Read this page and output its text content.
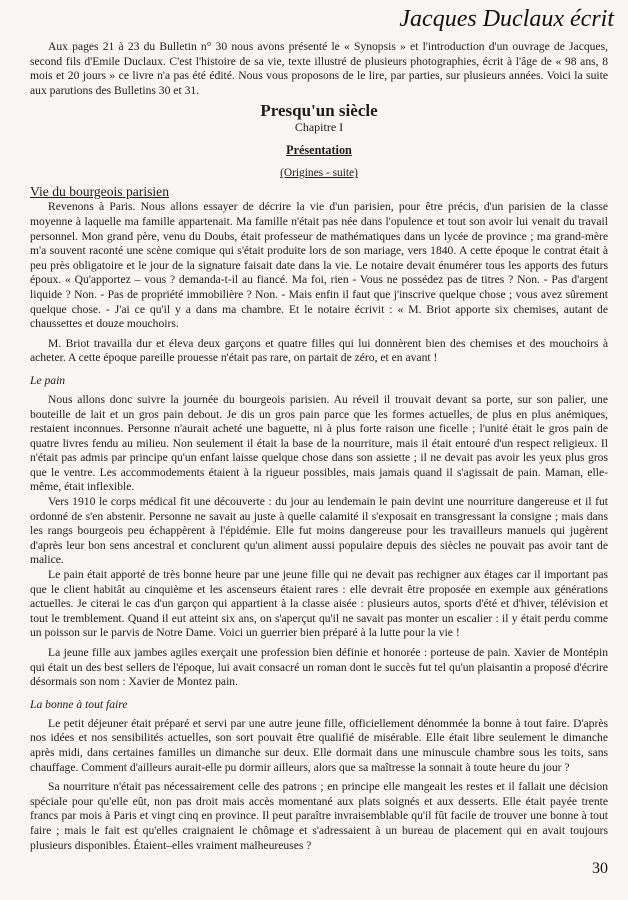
Jacques Duclaux écrit

Aux pages 21 à 23 du Bulletin n° 30 nous avons présenté le « Synopsis » et l'introduction d'un ouvrage de Jacques, second fils d'Emile Duclaux. C'est l'histoire de sa vie, texte illustré de plusieurs photographies, écrit à l'âge de « 98 ans, 8 mois et 20 jours » ce livre n'a pas été édité. Nous vous proposons de le lire, par parties, sur plusieurs années. Voici la suite aux parutions des Bulletins 30 et 31.

Presqu'un siècle
Chapitre I
Présentation
(Origines - suite)
Vie du bourgeois parisien

Revenons à Paris. Nous allons essayer de décrire la vie d'un parisien, pour être précis, d'un parisien de la classe moyenne à laquelle ma famille appartenait. Ma famille n'était pas née dans l'opulence et tout son avoir lui venait du travail personnel. Mon grand père, venu du Doubs, était professeur de mathématiques dans un lycée de province ; ma grand-mère m'a souvent raconté une scène comique qui s'était produite lors de son mariage, vers 1840. A cette époque le contrat était à peu près obligatoire et le jour de la signature faisait date dans la vie. Le notaire devait énumérer tous les apports des futurs époux. « Qu'apportez – vous ? demanda-t-il au fiancé. Ma foi, rien - Vous ne possédez pas de titres ? Non. - Pas d'argent liquide ? Non. - Pas de propriété immobilière ? Non. - Mais enfin il faut que j'inscrive quelque chose ; vous avez sûrement quelque chose. - J'ai ce qu'il y a dans ma chambre. Et le notaire écrivit : « M. Briot apporte six chemises, autant de chaussettes et douze mouchoirs.

M. Briot travailla dur et éleva deux garçons et quatre filles qui lui donnèrent bien des chemises et des mouchoirs à acheter. A cette époque pareille prouesse n'était pas rare, on partait de zéro, et en avant !

Le pain

Nous allons donc suivre la journée du bourgeois parisien. Au réveil il trouvait devant sa porte, sur son palier, une bouteille de lait et un gros pain debout. Je dis un gros pain parce que les formes actuelles, de plus en plus anémiques, restaient inconnues. Personne n'aurait acheté une baguette, ni à plus forte raison une ficelle ; l'unité était le gros pain de quatre livres fendu au milieu. Non seulement il était la base de la nourriture, mais il était entouré d'un respect religieux. Il n'était pas admis par principe qu'un enfant laisse quelque chose dans son assiette ; il ne devait pas avoir les yeux plus gros que le ventre. Les accommodements étaient à la rigueur possibles, mais jamais quand il s'agissait de pain. Maman, elle-même, était inflexible.

Vers 1910 le corps médical fit une découverte : du jour au lendemain le pain devint une nourriture dangereuse et il fut ordonné de s'en abstenir. Personne ne savait au juste à quelle calamité il s'exposait en transgressant la consigne ; mais dans les rangs bourgeois peu échappèrent à l'épidémie. Elle fut moins dangereuse pour les travailleurs manuels qui jugèrent d'après leur bon sens ancestral et conclurent qu'un aliment aussi populaire depuis des siècles ne pouvait pas avoir tant de malice.

Le pain était apporté de très bonne heure par une jeune fille qui ne devait pas rechigner aux étages car il important pas que le client habitât au cinquième et les ascenseurs étaient rares : elle devrait être proposée en exemple aux générations actuelles. Je citerai le cas d'un garçon qui appartient à la classe aisée : plusieurs autos, sports d'été et d'hiver, télévision et tout le tremblement. Quand il eut atteint six ans, on s'aperçut qu'il ne savait pas monter un escalier : il y était perdu comme un poisson sur le parvis de Notre Dame. Voici un guerrier bien préparé à la lutte pour la vie !

La jeune fille aux jambes agiles exerçait une profession bien définie et honorée : porteuse de pain. Xavier de Montépin qui était un des best sellers de l'époque, lui avait consacré un roman dont le succès fut tel qu'un plaisantin a proposé d'écrire désormais son nom : Xavier de Montez pain.

La bonne à tout faire

Le petit déjeuner était préparé et servi par une autre jeune fille, officiellement dénommée la bonne à tout faire. D'après nos idées et nos sensibilités actuelles, son sort pouvait être qualifié de misérable. Elle était libre seulement le dimanche après midi, dans certaines familles un dimanche sur deux. Elle dormait dans une minuscule chambre sous les toits, sans chauffage. Comment d'ailleurs aurait-elle pu dormir ailleurs, alors que sa maîtresse la sonnait à toute heure du jour ?

Sa nourriture n'était pas nécessairement celle des patrons ; en principe elle mangeait les restes et il fallait une décision spéciale pour qu'elle eût, non pas droit mais accès momentané aux plats soignés et aux desserts. Elle était payée trente francs par mois à Paris et vingt cinq en province. Il peut paraître invraisemblable qu'il fût facile de trouver une bonne à tout faire ; mais le fait est qu'elles craignaient le chômage et s'adressaient à un bureau de placement qui en avait toujours plusieurs disponibles. Étaient–elles vraiment malheureuses ?

30
